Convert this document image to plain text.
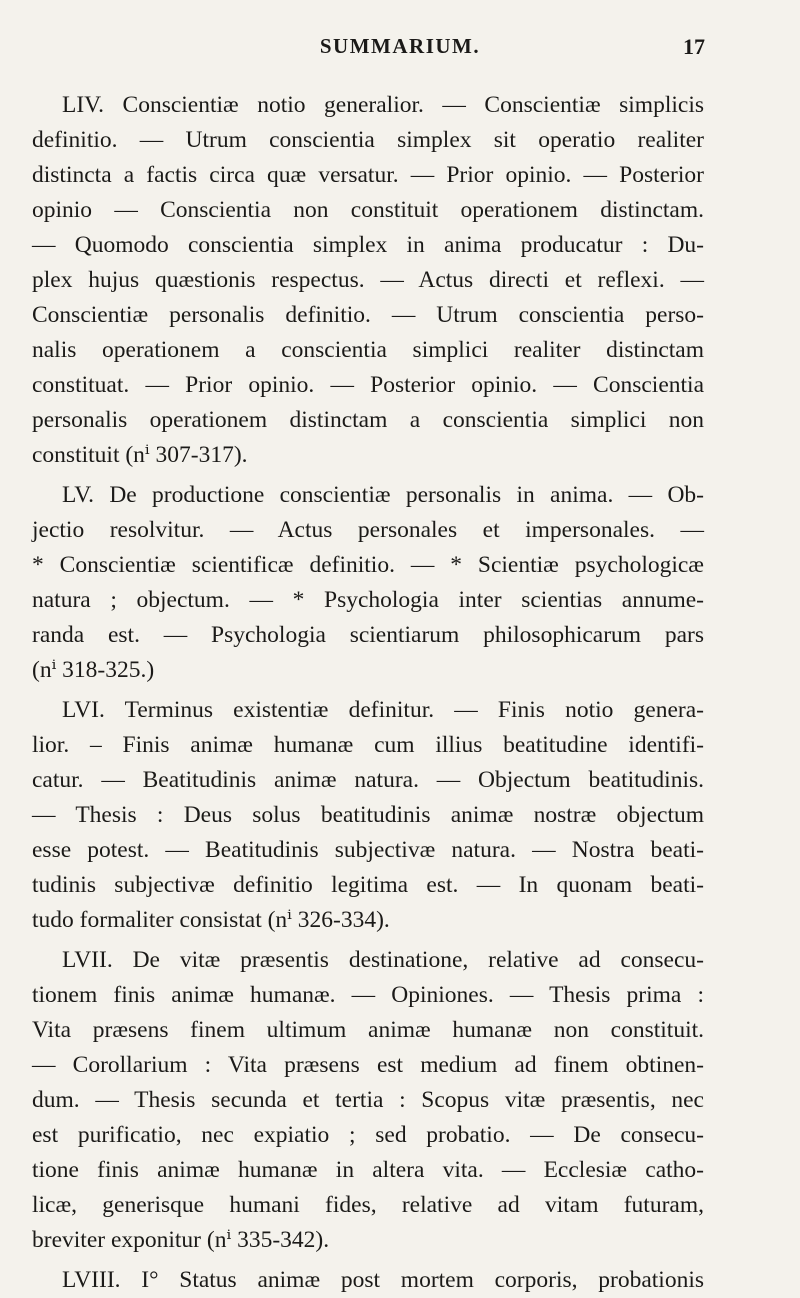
SUMMARIUM.	17

LIV. Conscientiæ notio generalior. — Conscientiæ simplicis
definitio. — Utrum conscientia simplex sit operatio realiter
distincta a factis circa quæ versatur. — Prior opinio. — Posterior
opinio — Conscientia non constituit operationem distinctam.
— Quomodo conscientia simplex in anima producatur : Du-
plex hujus quæstionis respectus. — Actus directi et reflexi. —
Conscientiæ personalis definitio. — Utrum conscientia perso-
nalis operationem a conscientia simplici realiter distinctam
constituat. — Prior opinio. — Posterior opinio. — Conscientia
personalis operationem distinctam a conscientia simplici non
constituit (nⁱ 307-317).

LV. De productione conscientiæ personalis in anima. — Ob-
jectio resolvitur. — Actus personales et impersonales. —
* Conscientiæ scientificæ definitio. — * Scientiæ psychologicæ
natura ; objectum. — * Psychologia inter scientias annume-
randa est. — Psychologia scientiarum philosophicarum pars
(nⁱ 318-325.)

LVI. Terminus existentiæ definitur. — Finis notio genera-
lior. – Finis animæ humanæ cum illius beatitudine identifi-
catur. — Beatitudinis animæ natura. — Objectum beatitudinis.
— Thesis : Deus solus beatitudinis animæ nostræ objectum
esse potest. — Beatitudinis subjectivæ natura. — Nostra beati-
tudinis subjectivæ definitio legitima est. — In quonam beati-
tudo formaliter consistat (nⁱ 326-334).

LVII. De vitæ præsentis destinatione, relative ad consecu-
tionem finis animæ humanæ. — Opiniones. — Thesis prima :
Vita præsens finem ultimum animæ humanæ non constituit.
— Corollarium : Vita præsens est medium ad finem obtinen-
dum. — Thesis secunda et tertia : Scopus vitæ præsentis, nec
est purificatio, nec expiatio ; sed probatio. — De consecu-
tione finis animæ humanæ in altera vita. — Ecclesiæ catho-
licæ, generisque humani fides, relative ad vitam futuram,
breviter exponitur (nⁱ 335-342).

LVIII. I° Status animæ post mortem corporis, probationis
